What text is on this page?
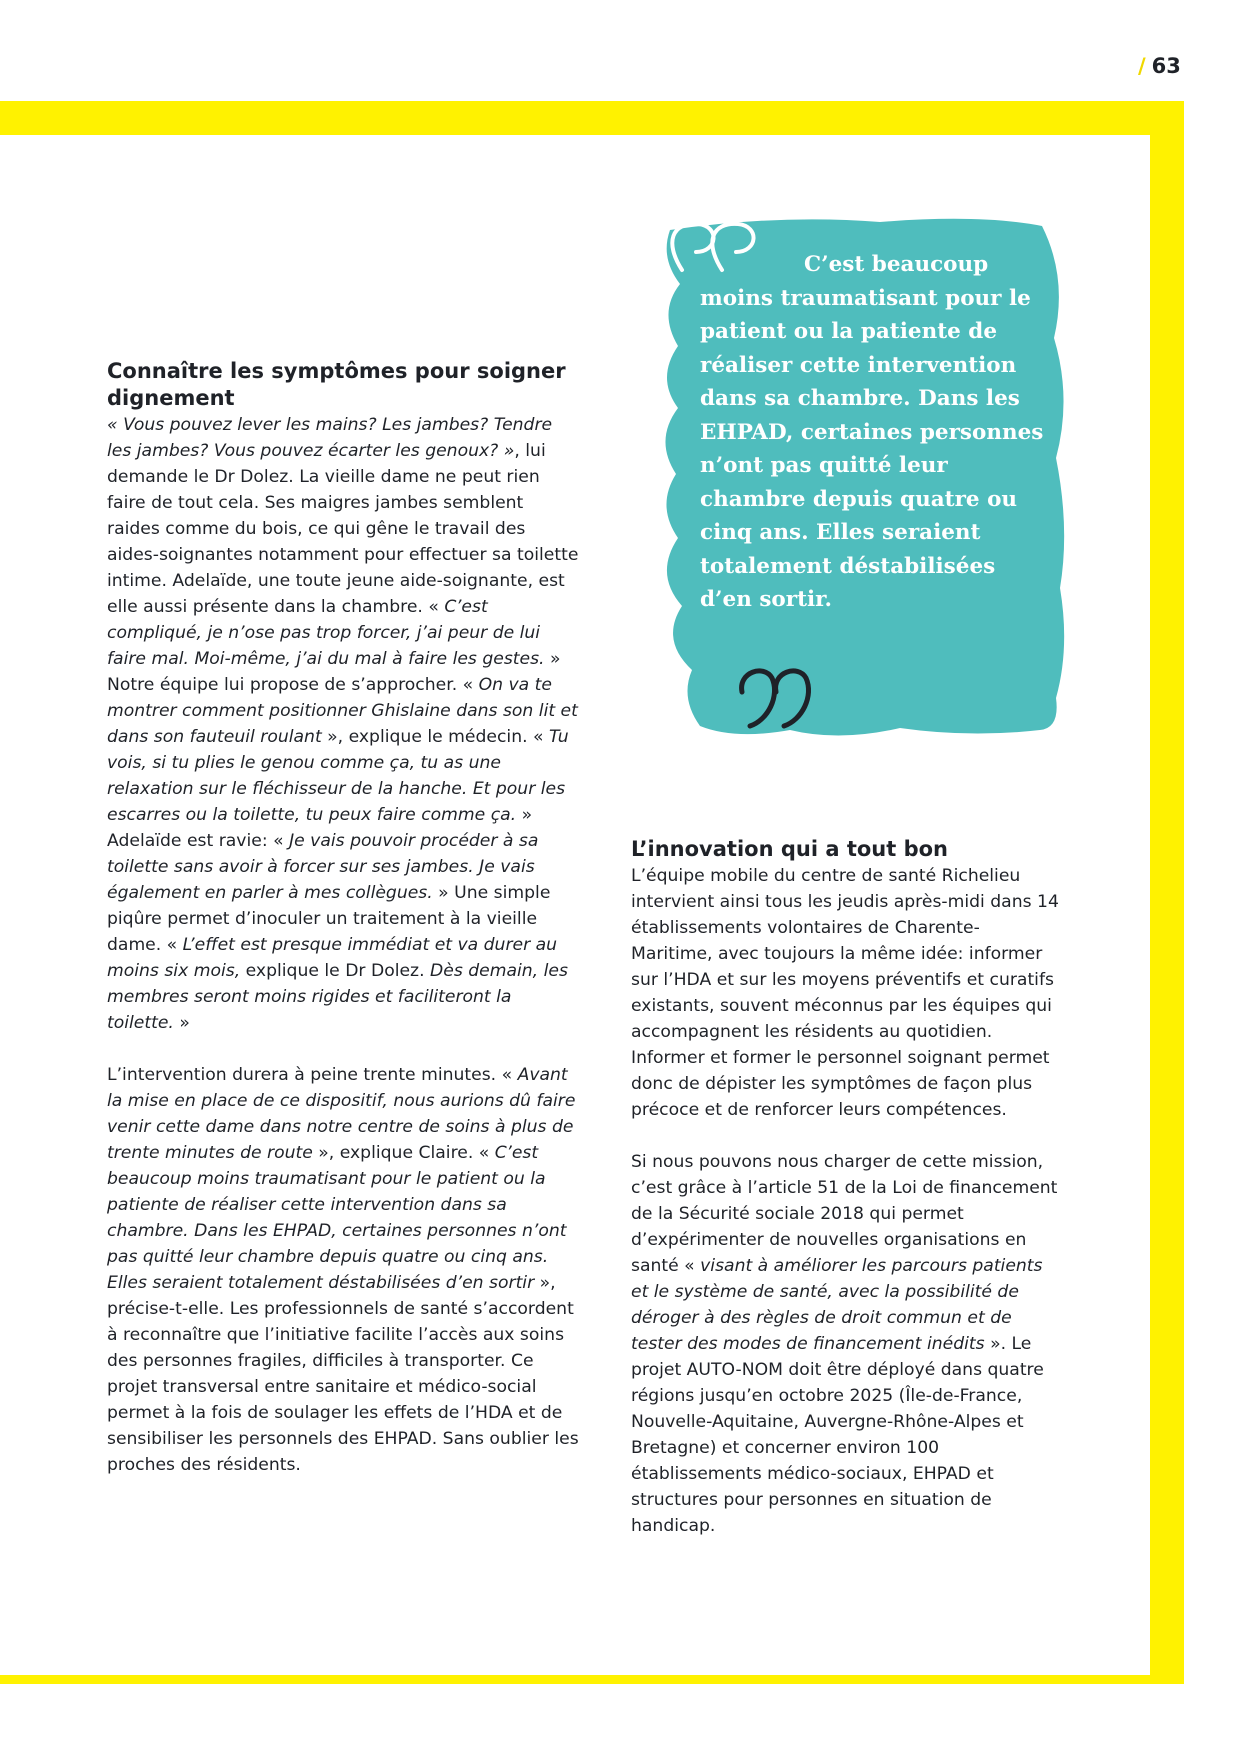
/ 63
C’est beaucoup moins traumatisant pour le patient ou la patiente de réaliser cette intervention dans sa chambre. Dans les EHPAD, certaines personnes n’ont pas quitté leur chambre depuis quatre ou cinq ans. Elles seraient totalement déstabilisées d’en sortir.
Connaître les symptômes pour soigner dignement

« Vous pouvez lever les mains? Les jambes? Tendre les jambes? Vous pouvez écarter les genoux? », lui demande le Dr Dolez. La vieille dame ne peut rien faire de tout cela. Ses maigres jambes semblent raides comme du bois, ce qui gêne le travail des aides-soignantes notamment pour effectuer sa toilette intime. Adelaïde, une toute jeune aide-soignante, est elle aussi présente dans la chambre. « C’est compliqué, je n’ose pas trop forcer, j’ai peur de lui faire mal. Moi-même, j’ai du mal à faire les gestes. » Notre équipe lui propose de s’approcher. « On va te montrer comment positionner Ghislaine dans son lit et dans son fauteuil roulant », explique le médecin. « Tu vois, si tu plies le genou comme ça, tu as une relaxation sur le fléchisseur de la hanche. Et pour les escarres ou la toilette, tu peux faire comme ça. » Adelaïde est ravie: « Je vais pouvoir procéder à sa toilette sans avoir à forcer sur ses jambes. Je vais également en parler à mes collègues. » Une simple piqûre permet d’inoculer un traitement à la vieille dame. « L’effet est presque immédiat et va durer au moins six mois, explique le Dr Dolez. Dès demain, les membres seront moins rigides et faciliteront la toilette. »

L’intervention durera à peine trente minutes. « Avant la mise en place de ce dispositif, nous aurions dû faire venir cette dame dans notre centre de soins à plus de trente minutes de route », explique Claire. « C’est beaucoup moins traumatisant pour le patient ou la patiente de réaliser cette intervention dans sa chambre. Dans les EHPAD, certaines personnes n’ont pas quitté leur chambre depuis quatre ou cinq ans. Elles seraient totalement déstabilisées d’en sortir », précise-t-elle. Les professionnels de santé s’accordent à reconnaître que l’initiative facilite l’accès aux soins des personnes fragiles, difficiles à transporter. Ce projet transversal entre sanitaire et médico-social permet à la fois de soulager les effets de l’HDA et de sensibiliser les personnels des EHPAD. Sans oublier les proches des résidents.

L’innovation qui a tout bon

L’équipe mobile du centre de santé Richelieu intervient ainsi tous les jeudis après-midi dans 14 établissements volontaires de Charente-Maritime, avec toujours la même idée: informer sur l’HDA et sur les moyens préventifs et curatifs existants, souvent méconnus par les équipes qui accompagnent les résidents au quotidien. Informer et former le personnel soignant permet donc de dépister les symptômes de façon plus précoce et de renforcer leurs compétences.

Si nous pouvons nous charger de cette mission, c’est grâce à l’article 51 de la Loi de financement de la Sécurité sociale 2018 qui permet d’expérimenter de nouvelles organisations en santé « visant à améliorer les parcours patients et le système de santé, avec la possibilité de déroger à des règles de droit commun et de tester des modes de financement inédits ». Le projet AUTO-NOM doit être déployé dans quatre régions jusqu’en octobre 2025 (Île-de-France, Nouvelle-Aquitaine, Auvergne-Rhône-Alpes et Bretagne) et concerner environ 100 établissements médico-sociaux, EHPAD et structures pour personnes en situation de handicap.
